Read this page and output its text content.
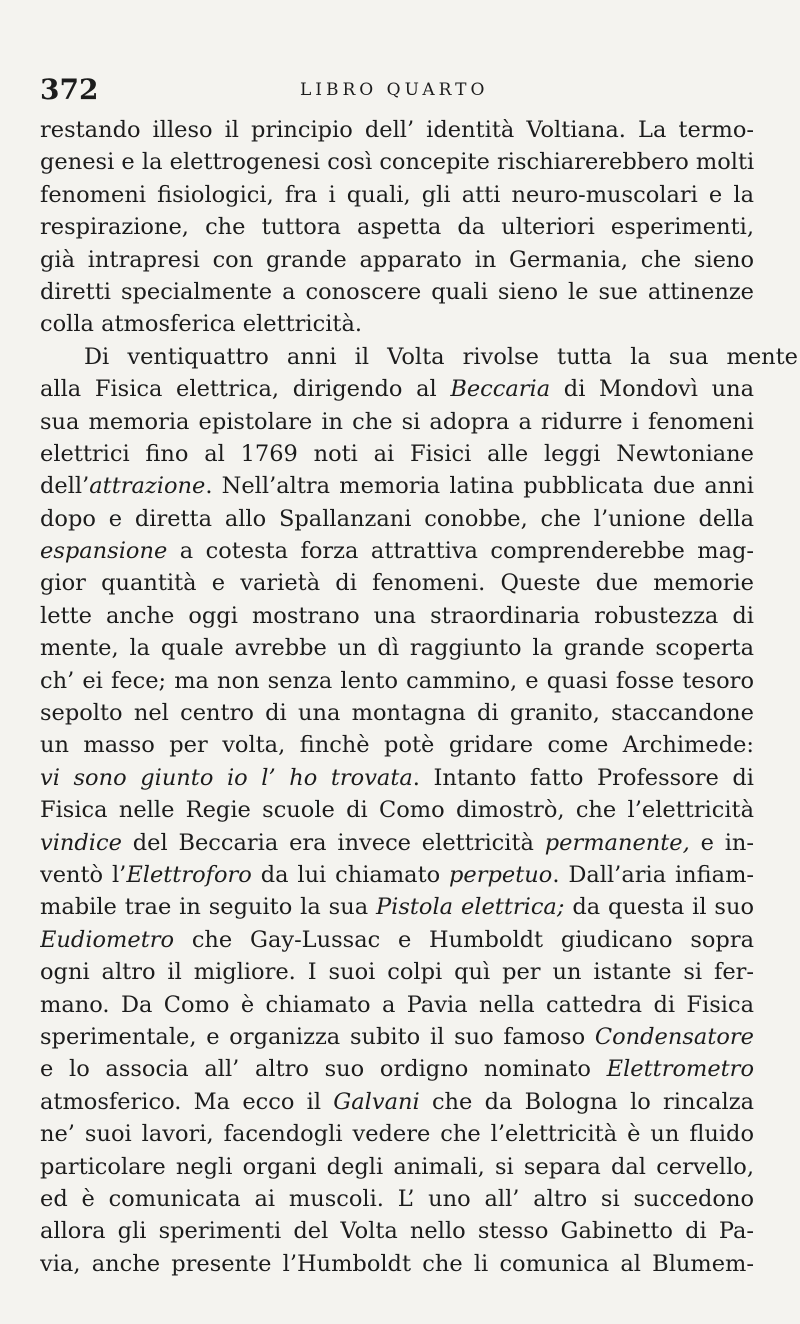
372	LIBRO QUARTO
restando illeso il principio dell’ identità Voltiana. La termo-
genesi e la elettrogenesi così concepite rischiarerebbero molti
fenomeni fisiologici, fra i quali, gli atti neuro-muscolari e la
respirazione, che tuttora aspetta da ulteriori esperimenti,
già intrapresi con grande apparato in Germania, che sieno
diretti specialmente a conoscere quali sieno le sue attinenze
colla atmosferica elettricità.
Di ventiquattro anni il Volta rivolse tutta la sua mente
alla Fisica elettrica, dirigendo al Beccaria di Mondovì una
sua memoria epistolare in che si adopra a ridurre i fenomeni
elettrici fino al 1769 noti ai Fisici alle leggi Newtoniane
dell’attrazione. Nell’altra memoria latina pubblicata due anni
dopo e diretta allo Spallanzani conobbe, che l’unione della
espansione a cotesta forza attrattiva comprenderebbe mag-
gior quantità e varietà di fenomeni. Queste due memorie
lette anche oggi mostrano una straordinaria robustezza di
mente, la quale avrebbe un dì raggiunto la grande scoperta
ch’ ei fece; ma non senza lento cammino, e quasi fosse tesoro
sepolto nel centro di una montagna di granito, staccandone
un masso per volta, finchè potè gridare come Archimede:
vi sono giunto io l’ ho trovata. Intanto fatto Professore di
Fisica nelle Regie scuole di Como dimostrò, che l’elettricità
vindice del Beccaria era invece elettricità permanente, e in-
ventò l’Elettroforo da lui chiamato perpetuo. Dall’aria infiam-
mabile trae in seguito la sua Pistola elettrica; da questa il suo
Eudiometro che Gay-Lussac e Humboldt giudicano sopra
ogni altro il migliore. I suoi colpi quì per un istante si fer-
mano. Da Como è chiamato a Pavia nella cattedra di Fisica
sperimentale, e organizza subito il suo famoso Condensatore
e lo associa all’ altro suo ordigno nominato Elettrometro
atmosferico. Ma ecco il Galvani che da Bologna lo rincalza
ne’ suoi lavori, facendogli vedere che l’elettricità è un fluido
particolare negli organi degli animali, si separa dal cervello,
ed è comunicata ai muscoli. L’ uno all’ altro si succedono
allora gli sperimenti del Volta nello stesso Gabinetto di Pa-
via, anche presente l’Humboldt che li comunica al Blumem-
